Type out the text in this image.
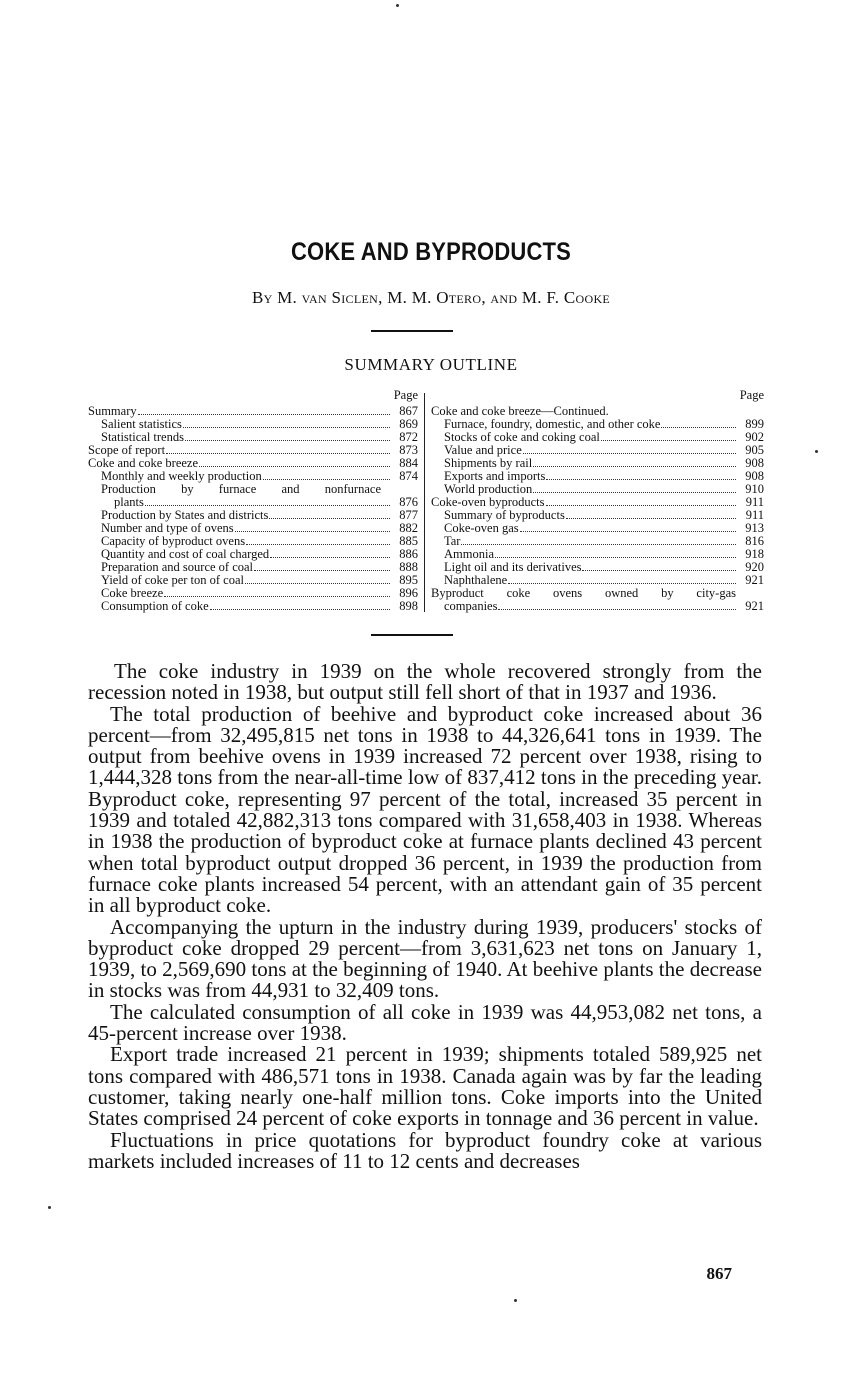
COKE AND BYPRODUCTS
By M. van Siclen, M. M. Otero, and M. F. Cooke
SUMMARY OUTLINE
Page
Summary	867
Salient statistics	869
Statistical trends	872
Scope of report	873
Coke and coke breeze	884
Monthly and weekly production	874
Production by furnace and nonfurnace
plants	876
Production by States and districts	877
Number and type of ovens	882
Capacity of byproduct ovens	885
Quantity and cost of coal charged	886
Preparation and source of coal	888
Yield of coke per ton of coal	895
Coke breeze	896
Consumption of coke	898
Page
Coke and coke breeze—Continued.
Furnace, foundry, domestic, and other coke	899
Stocks of coke and coking coal	902
Value and price	905
Shipments by rail	908
Exports and imports	908
World production	910
Coke-oven byproducts	911
Summary of byproducts	911
Coke-oven gas	913
Tar	816
Ammonia	918
Light oil and its derivatives	920
Naphthalene	921
Byproduct coke ovens owned by city-gas
companies	921

The coke industry in 1939 on the whole recovered strongly from the recession noted in 1938, but output still fell short of that in 1937 and 1936.

The total production of beehive and byproduct coke increased about 36 percent—from 32,495,815 net tons in 1938 to 44,326,641 tons in 1939. The output from beehive ovens in 1939 increased 72 percent over 1938, rising to 1,444,328 tons from the near-all-time low of 837,412 tons in the preceding year. Byproduct coke, representing 97 percent of the total, increased 35 percent in 1939 and totaled 42,882,313 tons compared with 31,658,403 in 1938. Whereas in 1938 the production of byproduct coke at furnace plants declined 43 percent when total byproduct output dropped 36 percent, in 1939 the production from furnace coke plants increased 54 percent, with an attendant gain of 35 percent in all byproduct coke.

Accompanying the upturn in the industry during 1939, producers' stocks of byproduct coke dropped 29 percent—from 3,631,623 net tons on January 1, 1939, to 2,569,690 tons at the beginning of 1940. At beehive plants the decrease in stocks was from 44,931 to 32,409 tons.

The calculated consumption of all coke in 1939 was 44,953,082 net tons, a 45-percent increase over 1938.

Export trade increased 21 percent in 1939; shipments totaled 589,925 net tons compared with 486,571 tons in 1938. Canada again was by far the leading customer, taking nearly one-half million tons. Coke imports into the United States comprised 24 percent of coke exports in tonnage and 36 percent in value.

Fluctuations in price quotations for byproduct foundry coke at various markets included increases of 11 to 12 cents and decreases

867
